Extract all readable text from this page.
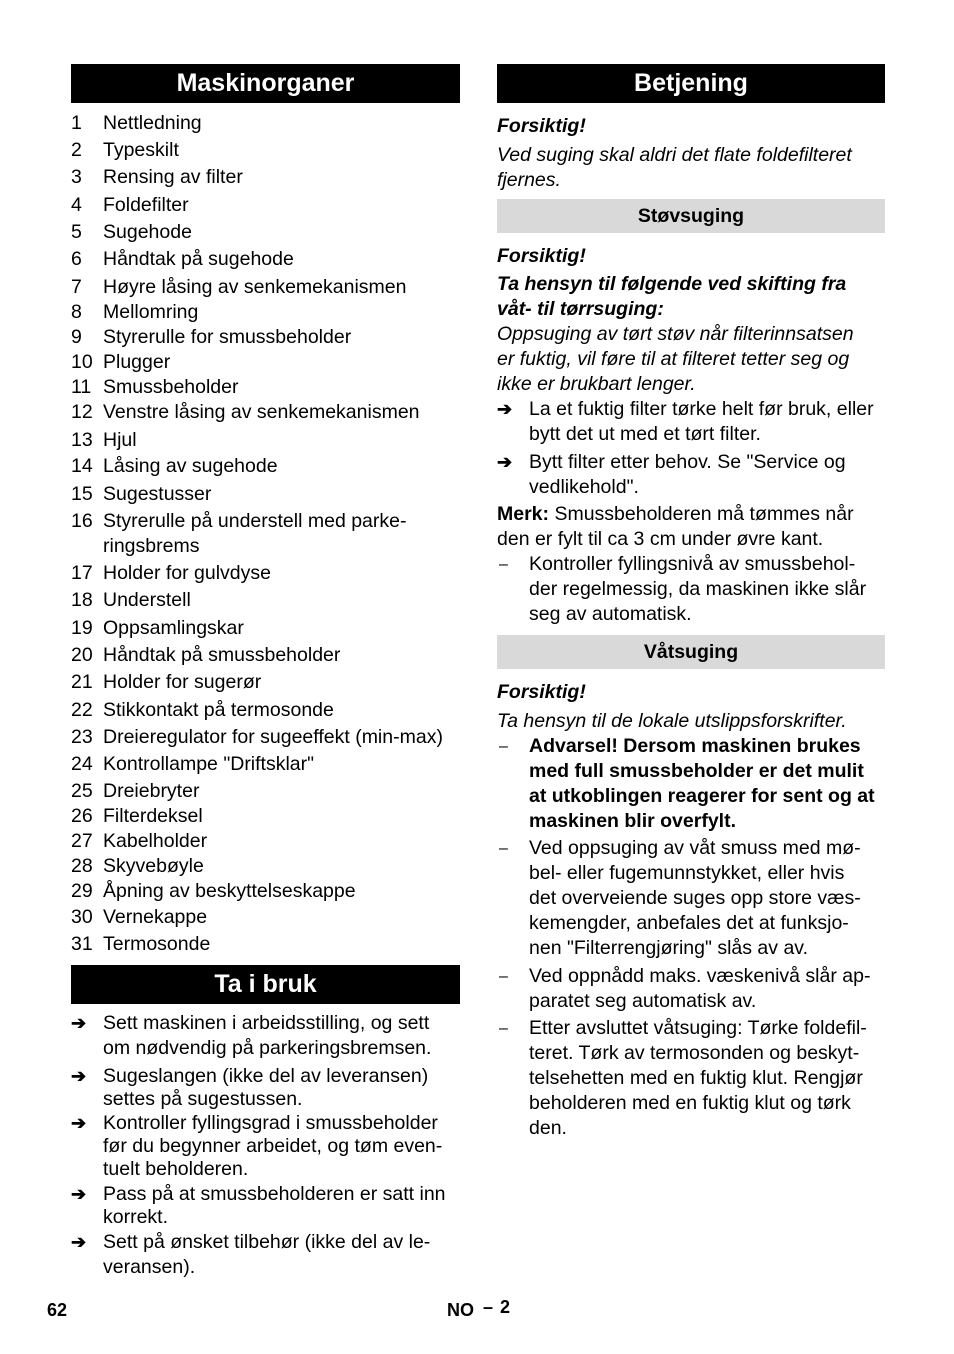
Maskinorganer
1 Nettledning
2 Typeskilt
3 Rensing av filter
4 Foldefilter
5 Sugehode
6 Håndtak på sugehode
7 Høyre låsing av senkemekanismen
8 Mellomring
9 Styrerulle for smussbeholder
10 Plugger
11 Smussbeholder
12 Venstre låsing av senkemekanismen
13 Hjul
14 Låsing av sugehode
15 Sugestusser
16 Styrerulle på understell med parke-
ringsbrems
17 Holder for gulvdyse
18 Understell
19 Oppsamlingskar
20 Håndtak på smussbeholder
21 Holder for sugerør
22 Stikkontakt på termosonde
23 Dreieregulator for sugeeffekt (min-max)
24 Kontrollampe "Driftsklar"
25 Dreiebryter
26 Filterdeksel
27 Kabelholder
28 Skyvebøyle
29 Åpning av beskyttelseskappe
30 Vernekappe
31 Termosonde
Ta i bruk
➔ Sett maskinen i arbeidsstilling, og sett
om nødvendig på parkeringsbremsen.
➔ Sugeslangen (ikke del av leveransen)
settes på sugestussen.
➔ Kontroller fyllingsgrad i smussbeholder
før du begynner arbeidet, og tøm even-
tuelt beholderen.
➔ Pass på at smussbeholderen er satt inn
korrekt.
➔ Sett på ønsket tilbehør (ikke del av le-
veransen).
Betjening
Forsiktig!
Ved suging skal aldri det flate foldefilteret
fjernes.
Støvsuging
Forsiktig!
Ta hensyn til følgende ved skifting fra
våt- til tørrsuging:
Oppsuging av tørt støv når filterinnsatsen
er fuktig, vil føre til at filteret tetter seg og
ikke er brukbart lenger.
➔ La et fuktig filter tørke helt før bruk, eller
bytt det ut med et tørt filter.
➔ Bytt filter etter behov. Se "Service og
vedlikehold".
Merk: Smussbeholderen må tømmes når
den er fylt til ca 3 cm under øvre kant.
– Kontroller fyllingsnivå av smussbehol-
der regelmessig, da maskinen ikke slår
seg av automatisk.
Våtsuging
Forsiktig!
Ta hensyn til de lokale utslippsforskrifter.
– Advarsel! Dersom maskinen brukes
med full smussbeholder er det mulit
at utkoblingen reagerer for sent og at
maskinen blir overfylt.
– Ved oppsuging av våt smuss med mø-
bel- eller fugemunnstykket, eller hvis
det overveiende suges opp store væs-
kemengder, anbefales det at funksjo-
nen "Filterrengjøring" slås av av.
– Ved oppnådd maks. væskenivå slår ap-
paratet seg automatisk av.
– Etter avsluttet våtsuging: Tørke foldefil-
teret. Tørk av termosonden og beskyt-
telsehetten med en fuktig klut. Rengjør
beholderen med en fuktig klut og tørk
den.
62	NO – 2
